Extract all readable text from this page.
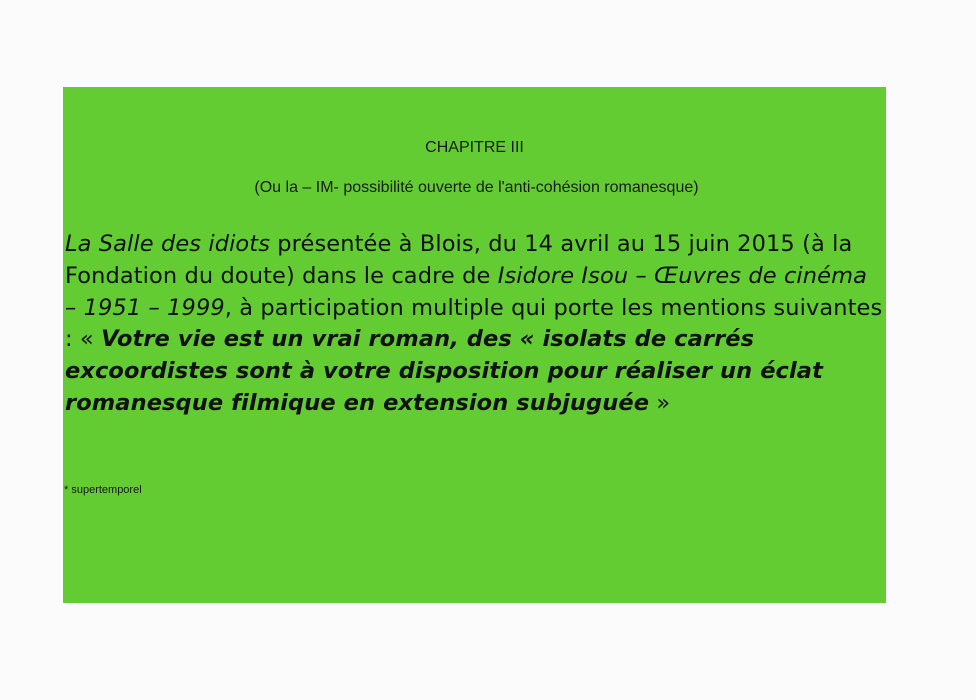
CHAPITRE III
(Ou la – IM- possibilité ouverte de l'anti-cohésion romanesque)
La Salle des idiots présentée à Blois, du 14 avril au 15 juin 2015 (à la Fondation du doute) dans le cadre de Isidore Isou – Œuvres de cinéma – 1951 – 1999, à participation multiple qui porte les mentions suivantes : « Votre vie est un vrai roman, des « isolats de carrés excoordistes sont à votre disposition pour réaliser un éclat romanesque filmique en extension subjuguée »
* supertemporel
